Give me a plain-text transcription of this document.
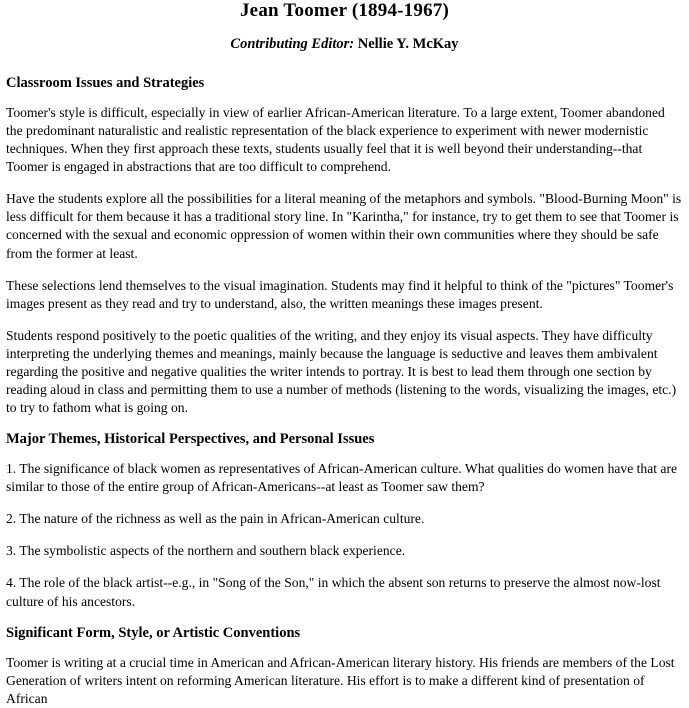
Jean Toomer (1894-1967)
Contributing Editor: Nellie Y. McKay
Classroom Issues and Strategies

Toomer's style is difficult, especially in view of earlier African-American literature. To a large extent, Toomer abandoned the predominant naturalistic and realistic representation of the black experience to experiment with newer modernistic techniques. When they first approach these texts, students usually feel that it is well beyond their understanding--that Toomer is engaged in abstractions that are too difficult to comprehend.

Have the students explore all the possibilities for a literal meaning of the metaphors and symbols. "Blood-Burning Moon" is less difficult for them because it has a traditional story line. In "Karintha," for instance, try to get them to see that Toomer is concerned with the sexual and economic oppression of women within their own communities where they should be safe from the former at least.

These selections lend themselves to the visual imagination. Students may find it helpful to think of the "pictures" Toomer's images present as they read and try to understand, also, the written meanings these images present.

Students respond positively to the poetic qualities of the writing, and they enjoy its visual aspects. They have difficulty interpreting the underlying themes and meanings, mainly because the language is seductive and leaves them ambivalent regarding the positive and negative qualities the writer intends to portray. It is best to lead them through one section by reading aloud in class and permitting them to use a number of methods (listening to the words, visualizing the images, etc.) to try to fathom what is going on.

Major Themes, Historical Perspectives, and Personal Issues

1. The significance of black women as representatives of African-American culture. What qualities do women have that are similar to those of the entire group of African-Americans--at least as Toomer saw them?

2. The nature of the richness as well as the pain in African-American culture.

3. The symbolistic aspects of the northern and southern black experience.

4. The role of the black artist--e.g., in "Song of the Son," in which the absent son returns to preserve the almost now-lost culture of his ancestors.

Significant Form, Style, or Artistic Conventions

Toomer is writing at a crucial time in American and African-American literary history. His friends are members of the Lost Generation of writers intent on reforming American literature. His effort is to make a different kind of presentation of African
